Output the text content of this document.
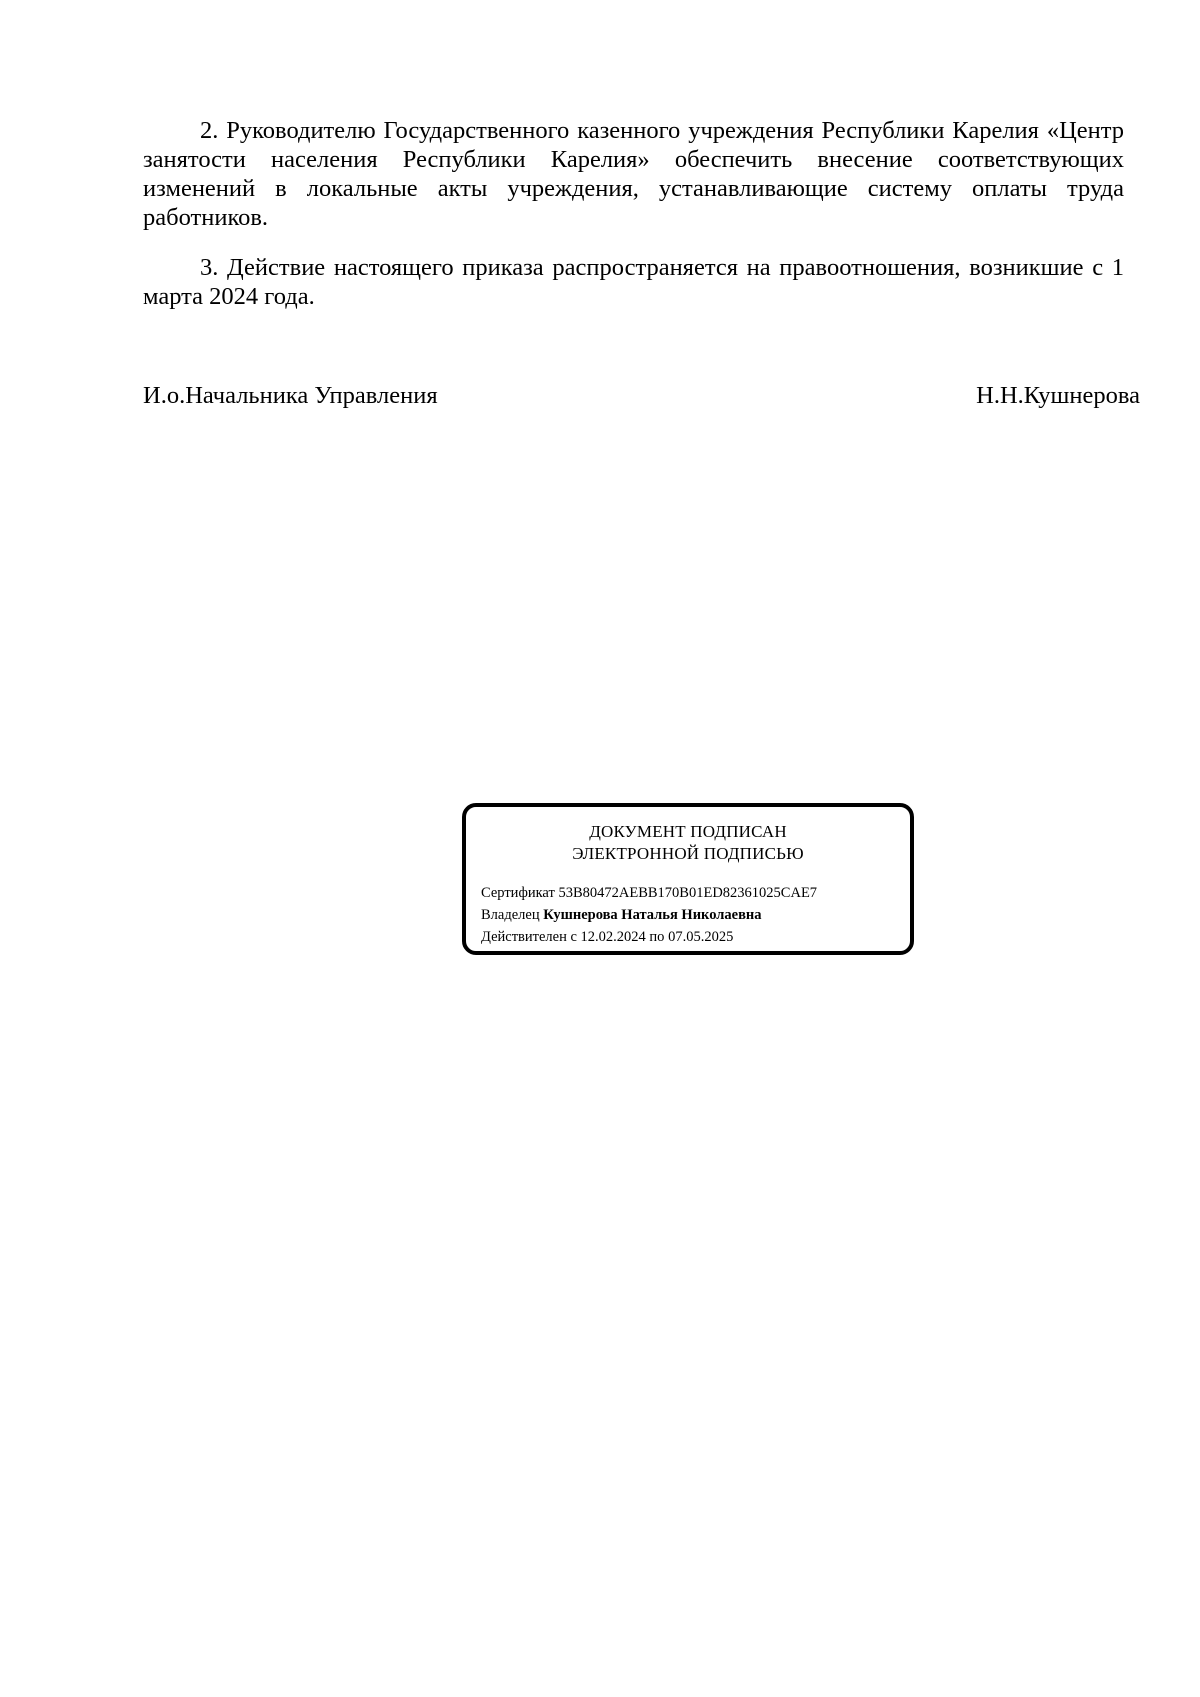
2. Руководителю Государственного казенного учреждения Республики Карелия «Центр занятости населения Республики Карелия» обеспечить внесение соответствующих изменений в локальные акты учреждения, устанавливающие систему оплаты труда работников.

3. Действие настоящего приказа распространяется на правоотношения, возникшие с 1 марта 2024 года.

И.о.Начальника Управления	Н.Н.Кушнерова

ДОКУМЕНТ ПОДПИСАН
ЭЛЕКТРОННОЙ ПОДПИСЬЮ
Сертификат 53B80472AEBB170B01ED82361025CAE7
Владелец Кушнерова Наталья Николаевна
Действителен с 12.02.2024 по 07.05.2025
